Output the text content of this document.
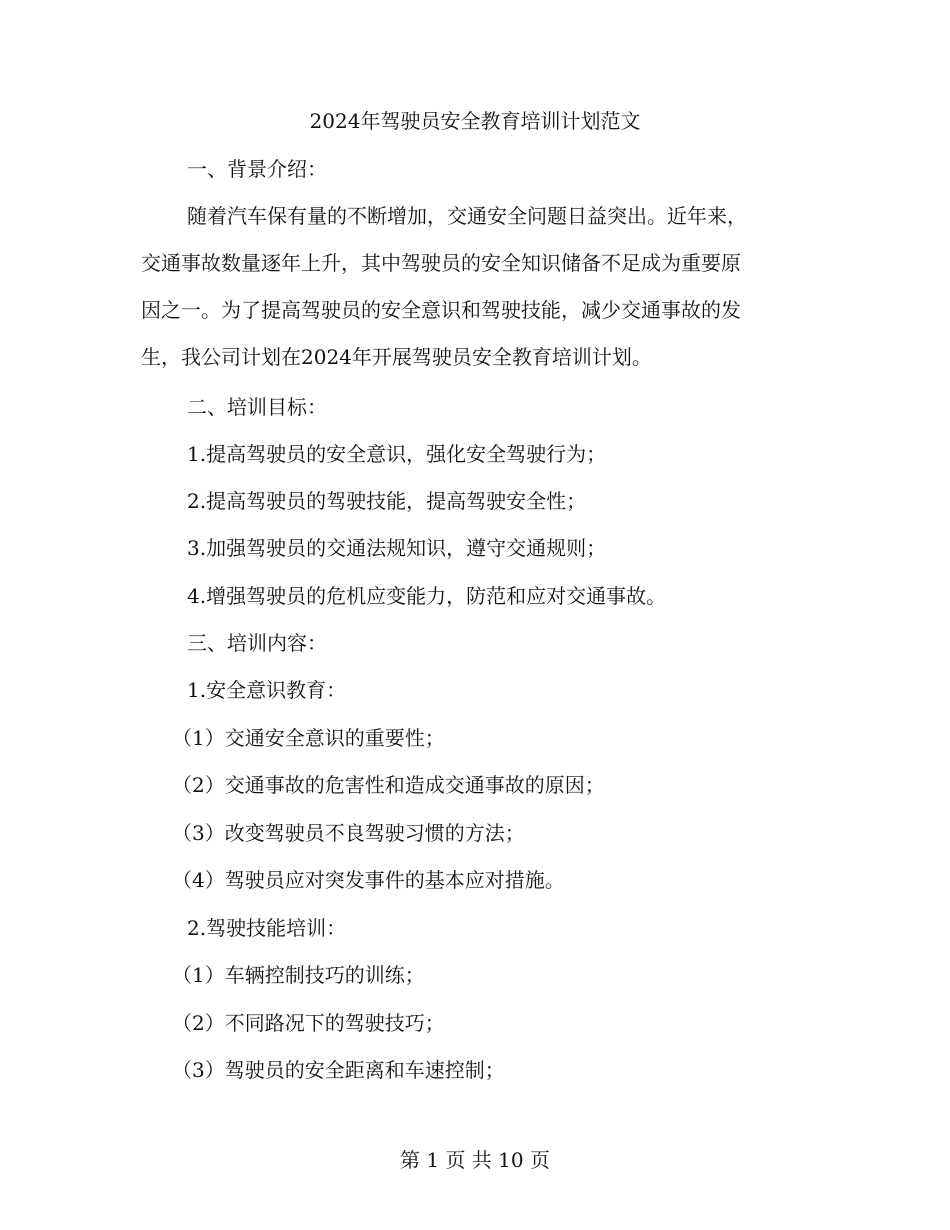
2024年驾驶员安全教育培训计划范文
一、背景介绍：
随着汽车保有量的不断增加，交通安全问题日益突出。近年来，
交通事故数量逐年上升，其中驾驶员的安全知识储备不足成为重要原
因之一。为了提高驾驶员的安全意识和驾驶技能，减少交通事故的发
生，我公司计划在2024年开展驾驶员安全教育培训计划。
二、培训目标：
1.提高驾驶员的安全意识，强化安全驾驶行为；
2.提高驾驶员的驾驶技能，提高驾驶安全性；
3.加强驾驶员的交通法规知识，遵守交通规则；
4.增强驾驶员的危机应变能力，防范和应对交通事故。
三、培训内容：
1.安全意识教育：
（1）交通安全意识的重要性；
（2）交通事故的危害性和造成交通事故的原因；
（3）改变驾驶员不良驾驶习惯的方法；
（4）驾驶员应对突发事件的基本应对措施。
2.驾驶技能培训：
（1）车辆控制技巧的训练；
（2）不同路况下的驾驶技巧；
（3）驾驶员的安全距离和车速控制；
第 1 页 共 10 页
